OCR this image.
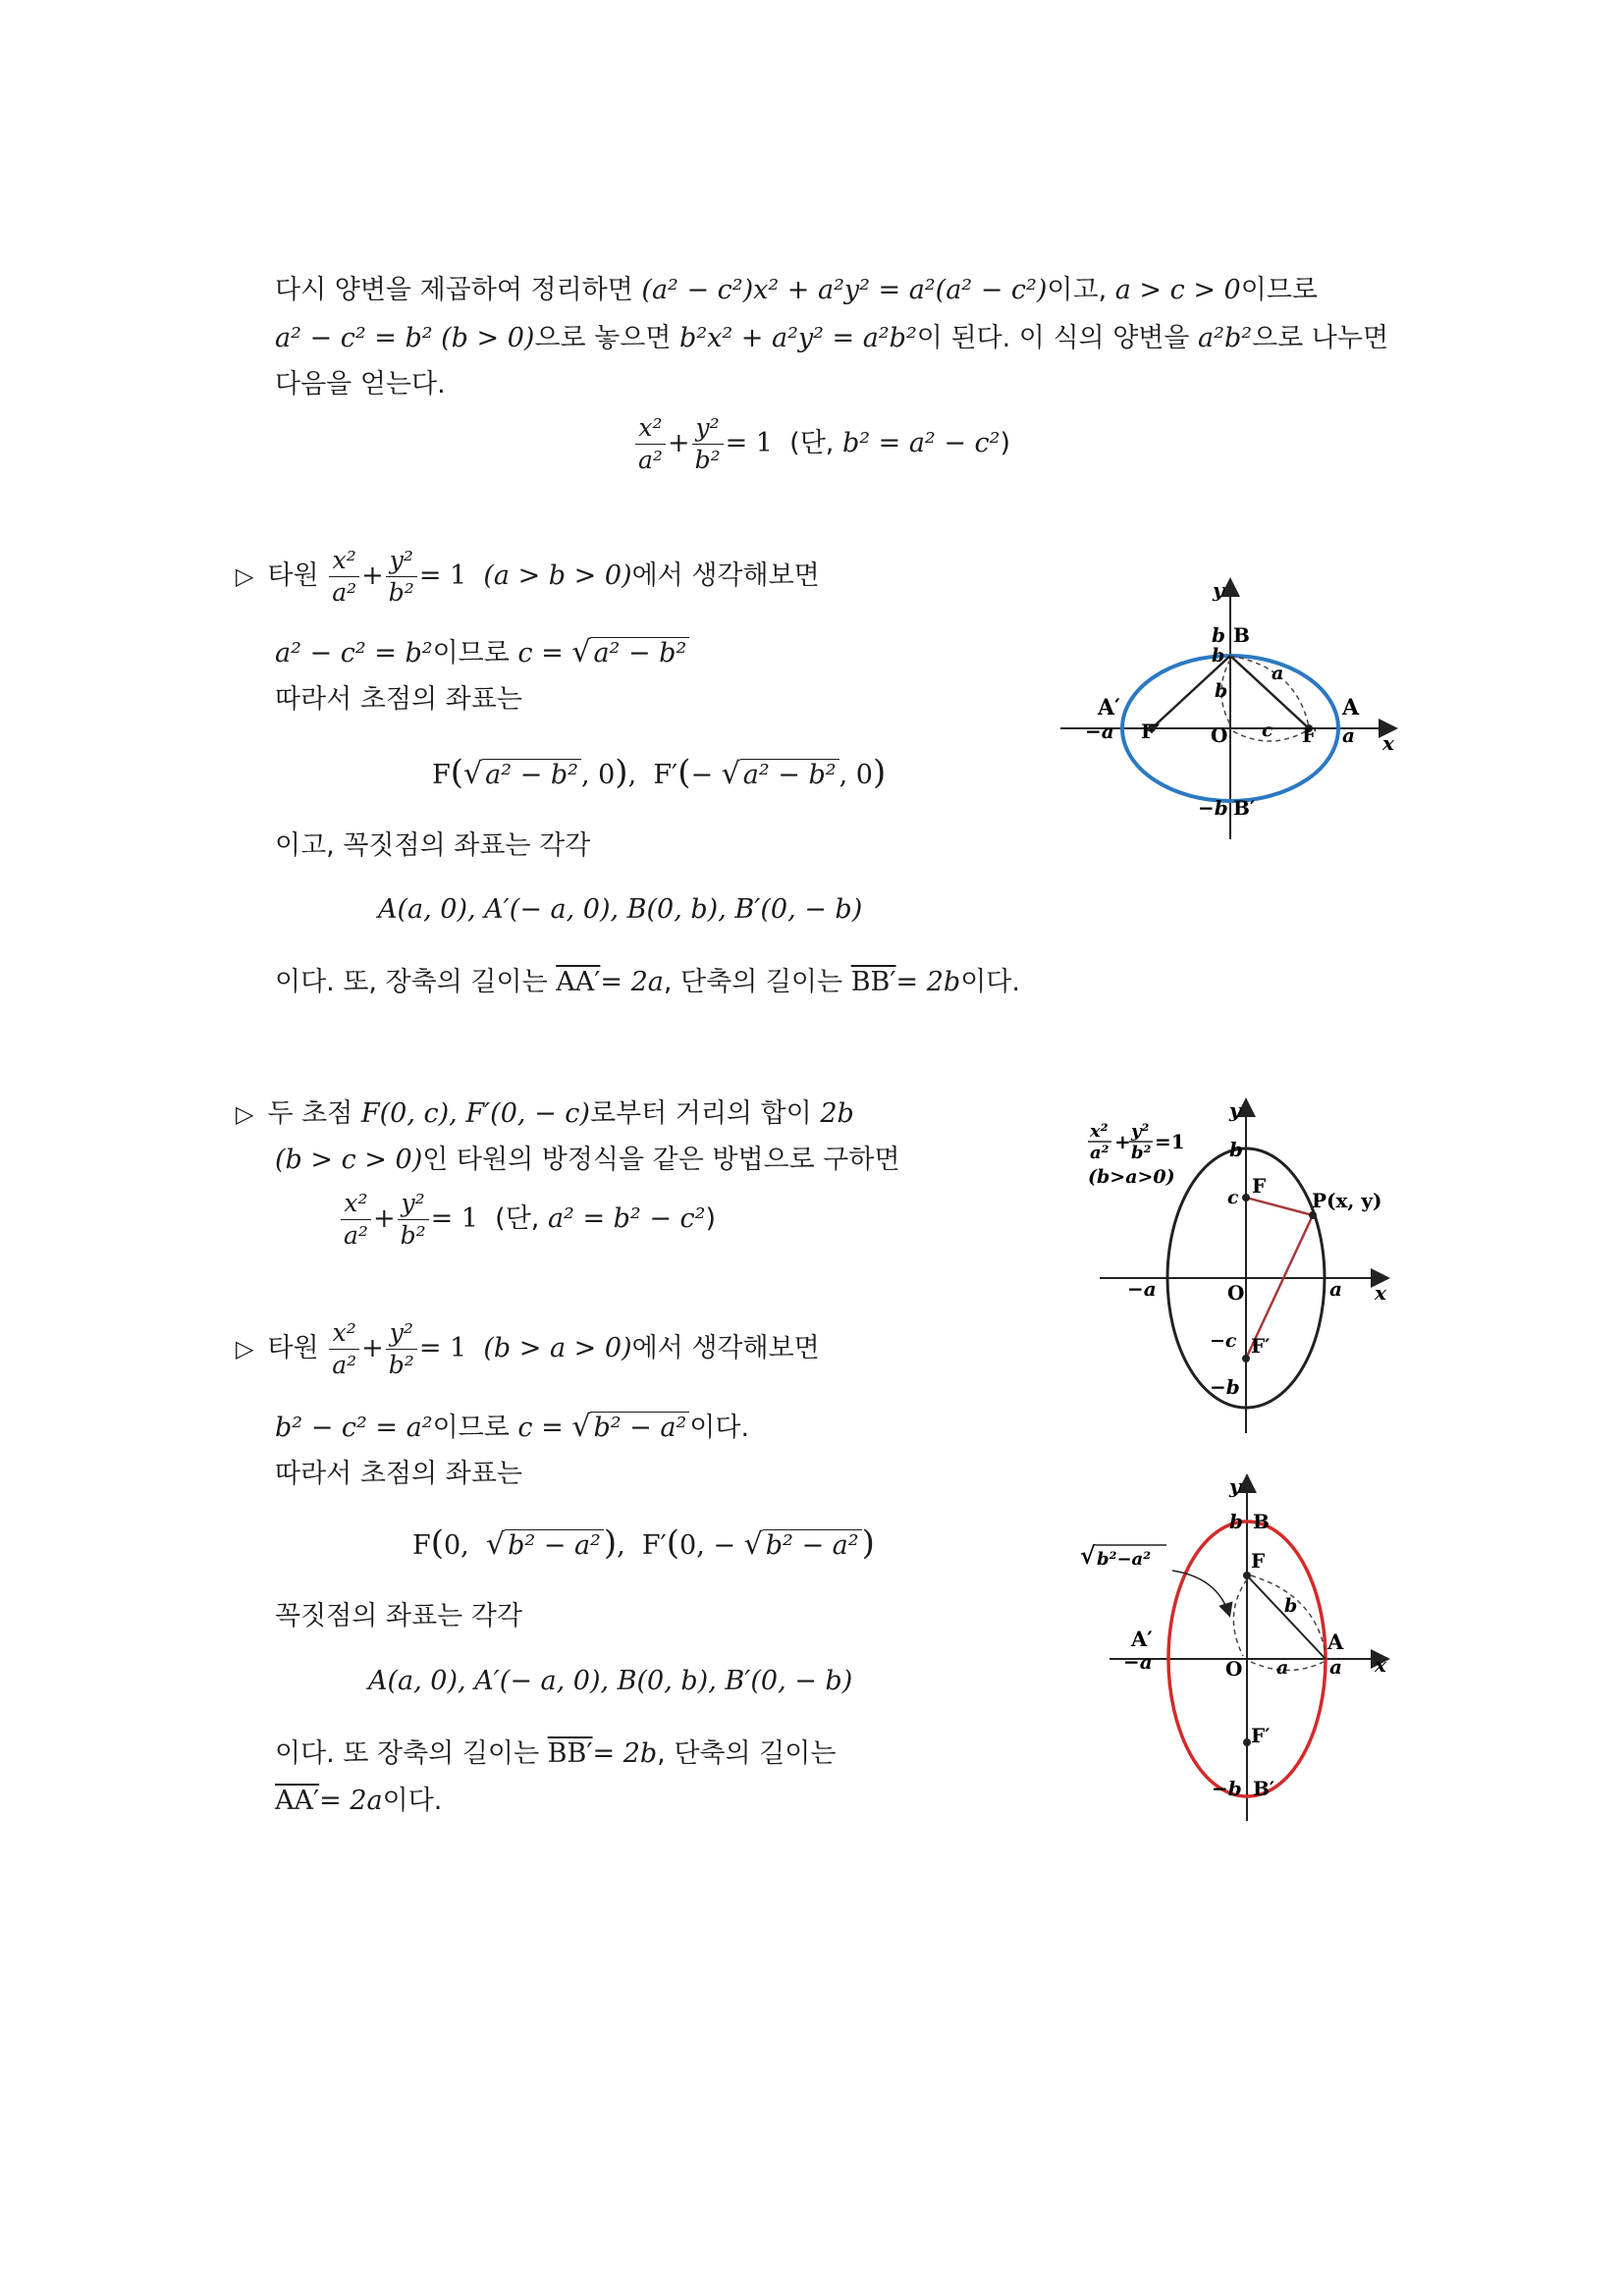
다시 양변을 제곱하여 정리하면 (a² − c²)x² + a²y² = a²(a² − c²)이고, a > c > 0이므로
a² − c² = b² (b > 0)으로 놓으면 b²x² + a²y² = a²b²이 된다. 이 식의 양변을 a²b²으로 나누면
다음을 얻는다.
$\frac{\text{x²}}{\text{a²}} + \frac{\text{y²}}{\text{b²}} = 1$ (단, b² = a² − c²)
▷ 타원 $\frac{\text{x²}}{\text{a²}} + \frac{\text{y²}}{\text{b²}} = 1$ (a > b > 0)에서 생각해보면
a² − c² = b²이므로 c = √ a² − b²
따라서 초점의 좌표는
F(√ a² − b² , 0),  F′(− √ a² − b² , 0)
이고, 꼭짓점의 좌표는 각각
A(a, 0), A′(− a, 0), B(0, b), B′(0, − b)
이다. 또, 장축의 길이는 AA′= 2a, 단축의 길이는 BB′= 2b이다.
▷ 두 초점 F(0, c), F′(0, − c)로부터 거리의 합이 2b
(b > c > 0)인 타원의 방정식을 같은 방법으로 구하면
$\frac{\text{x²}}{\text{a²}} + \frac{\text{y²}}{\text{b²}} = 1$ (단, a² = b² − c²)
▷ 타원 $\frac{\text{x²}}{\text{a²}} + \frac{\text{y²}}{\text{b²}} = 1$ (b > a > 0)에서 생각해보면
b² − c² = a²이므로 c = √ b² − a² 이다.
따라서 초점의 좌표는
F(0, √ b² − a²),  F′(0, − √ b² − a²)
꼭짓점의 좌표는 각각
A(a, 0), A′(− a, 0), B(0, b), B′(0, − b)
이다. 또 장축의 길이는 BB′= 2b, 단축의 길이는
AA′= 2a이다.
y
x
b B
b
b
a
c
A′
−a F′	O	F a
A
−b B′
x²
a² + y²
b² =1
(b>a>0)
y
x
b
c F
P(x, y)
−a	O	a
−c F′
−b
y
x
b B
√ b²−a²	F
b
A′
−a	O a a
A
F′
−b B′
